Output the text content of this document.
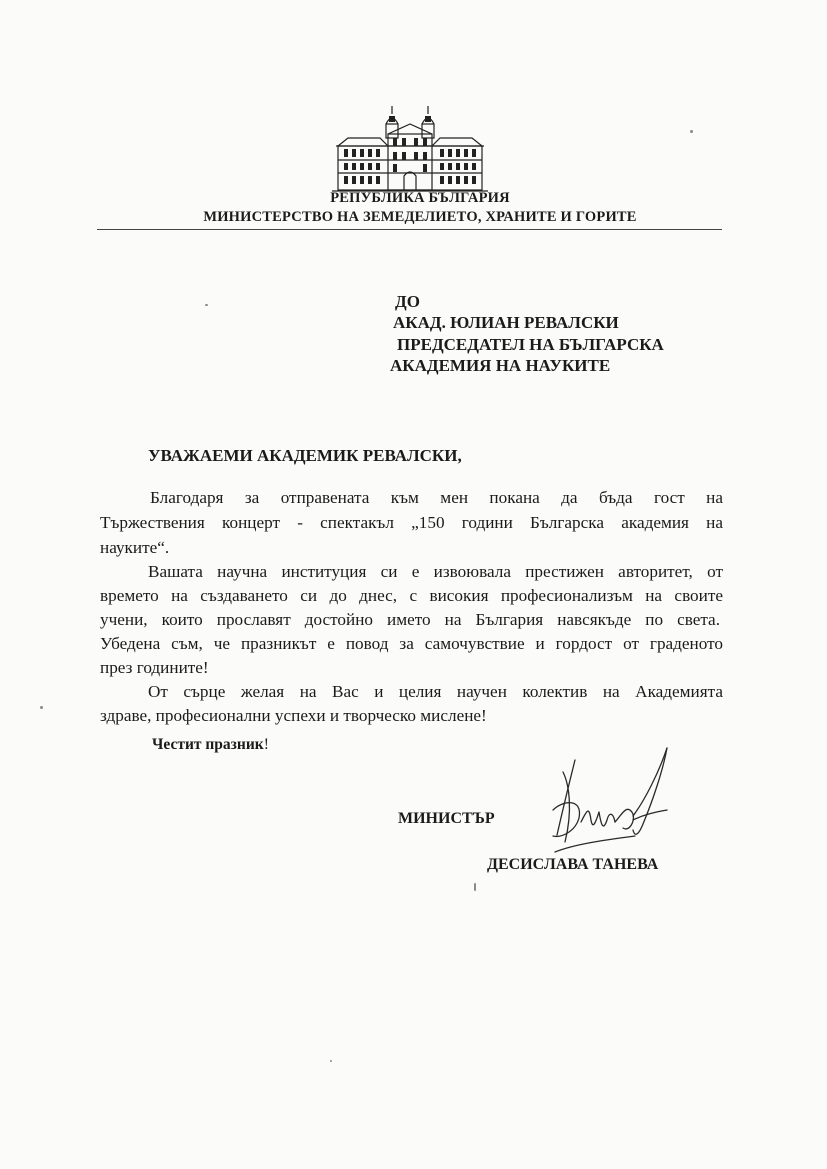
РЕПУБЛИКА БЪЛГАРИЯ
МИНИСТЕРСТВО НА ЗЕМЕДЕЛИЕТО, ХРАНИТЕ И ГОРИТЕ
ДО
АКАД. ЮЛИАН РЕВАЛСКИ
ПРЕДСЕДАТЕЛ НА БЪЛГАРСКА
АКАДЕМИЯ НА НАУКИТЕ
УВАЖАЕМИ АКАДЕМИК РЕВАЛСКИ,
Благодаря за отправената към мен покана да бъда гост на
Тържествения концерт - спектакъл „150 години Българска академия на
науките“.
Вашата научна институция си е извоювала престижен авторитет, от
времето на създаването си до днес, с високия професионализъм на своите
учени, които прославят достойно името на България навсякъде по света.
Убедена съм, че празникът е повод за самочувствие и гордост от граденото
през годините!
От сърце желая на Вас и целия научен колектив на Академията
здраве, професионални успехи и творческо мислене!
Честит празник!
МИНИСТЪР
ДЕСИСЛАВА ТАНЕВА
